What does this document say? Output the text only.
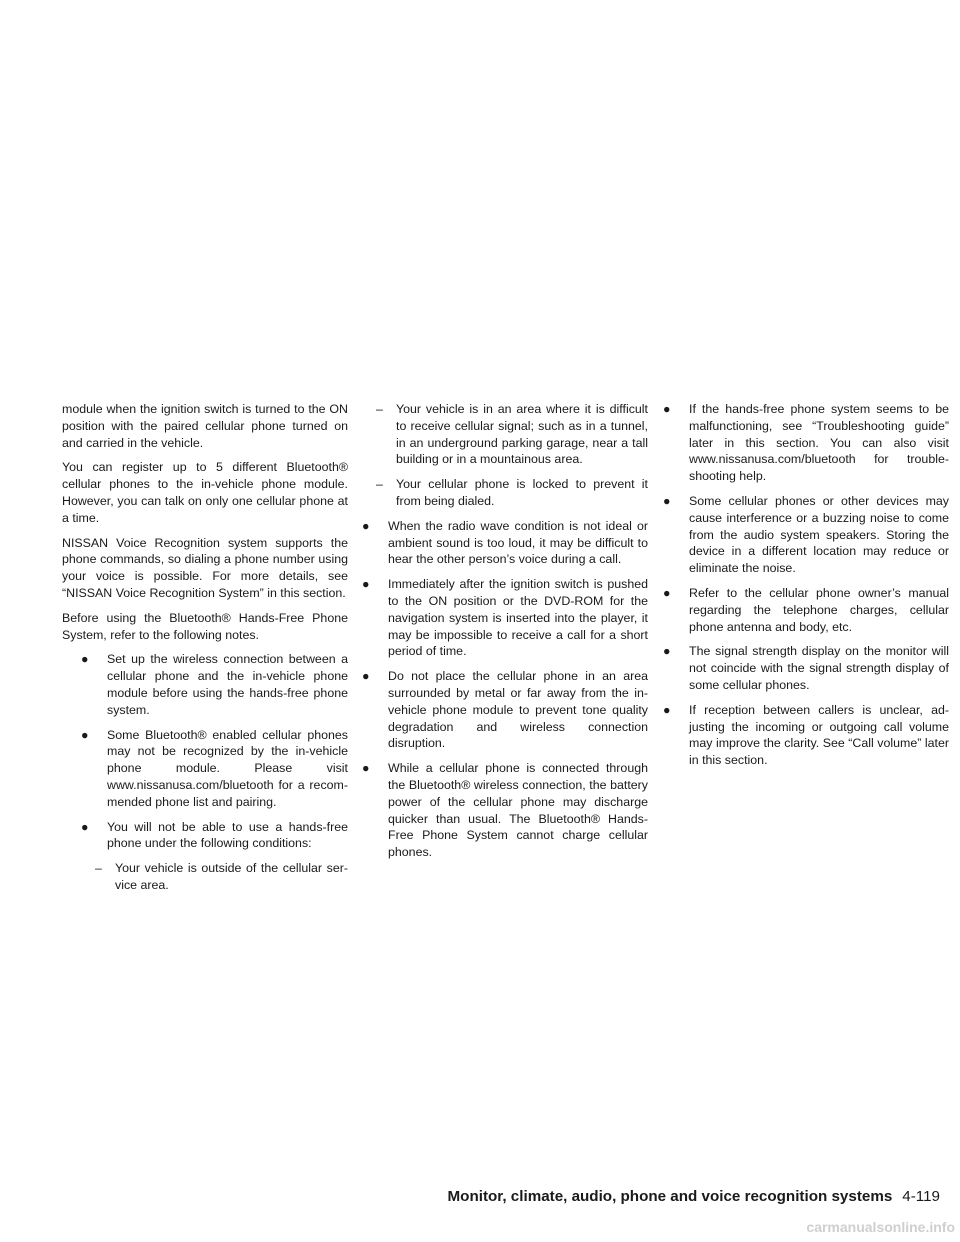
module when the ignition switch is turned to the ON position with the paired cellular phone turned on and carried in the vehicle.

You can register up to 5 different Bluetooth® cellular phones to the in-vehicle phone module. However, you can talk on only one cellular phone at a time.

NISSAN Voice Recognition system supports the phone commands, so dialing a phone number using your voice is possible. For more details, see “NISSAN Voice Recognition System” in this section.

Before using the Bluetooth® Hands-Free Phone System, refer to the following notes.

● Set up the wireless connection between a cellular phone and the in-vehicle phone module before using the hands-free phone system.
● Some Bluetooth® enabled cellular phones may not be recognized by the in-vehicle phone module. Please visit www.nissanusa.com/bluetooth for a recommended phone list and pairing.
● You will not be able to use a hands-free phone under the following conditions:
– Your vehicle is outside of the cellular service area.
– Your vehicle is in an area where it is difficult to receive cellular signal; such as in a tunnel, in an underground parking garage, near a tall building or in a mountainous area.
– Your cellular phone is locked to prevent it from being dialed.
● When the radio wave condition is not ideal or ambient sound is too loud, it may be difficult to hear the other person’s voice during a call.
● Immediately after the ignition switch is pushed to the ON position or the DVD-ROM for the navigation system is inserted into the player, it may be impossible to receive a call for a short period of time.
● Do not place the cellular phone in an area surrounded by metal or far away from the in-vehicle phone module to prevent tone quality degradation and wireless connection disruption.
● While a cellular phone is connected through the Bluetooth® wireless connection, the battery power of the cellular phone may discharge quicker than usual. The Bluetooth® Hands-Free Phone System cannot charge cellular phones.
● If the hands-free phone system seems to be malfunctioning, see “Troubleshooting guide” later in this section. You can also visit www.nissanusa.com/bluetooth for troubleshooting help.
● Some cellular phones or other devices may cause interference or a buzzing noise to come from the audio system speakers. Storing the device in a different location may reduce or eliminate the noise.
● Refer to the cellular phone owner’s manual regarding the telephone charges, cellular phone antenna and body, etc.
● The signal strength display on the monitor will not coincide with the signal strength display of some cellular phones.
● If reception between callers is unclear, adjusting the incoming or outgoing call volume may improve the clarity. See “Call volume” later in this section.
Monitor, climate, audio, phone and voice recognition systems 4-119
carmanualsonline.info
